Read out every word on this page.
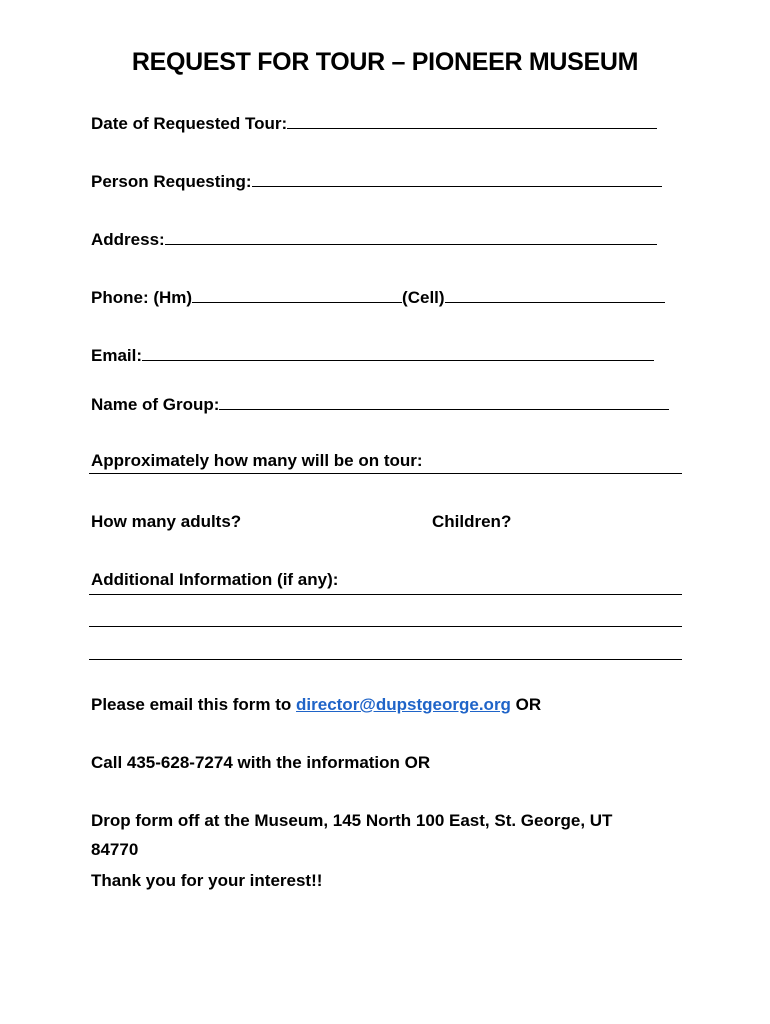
REQUEST FOR TOUR – PIONEER MUSEUM
Date of Requested Tour:
Person Requesting:
Address:
Phone: (Hm)	(Cell)
Email:
Name of Group:
Approximately how many will be on tour:
How many adults?	Children?
Additional Information (if any):
Please email this form to director@dupstgeorge.org OR
Call 435-628-7274 with the information OR
Drop form off at the Museum, 145 North 100 East, St. George, UT 84770
Thank you for your interest!!
